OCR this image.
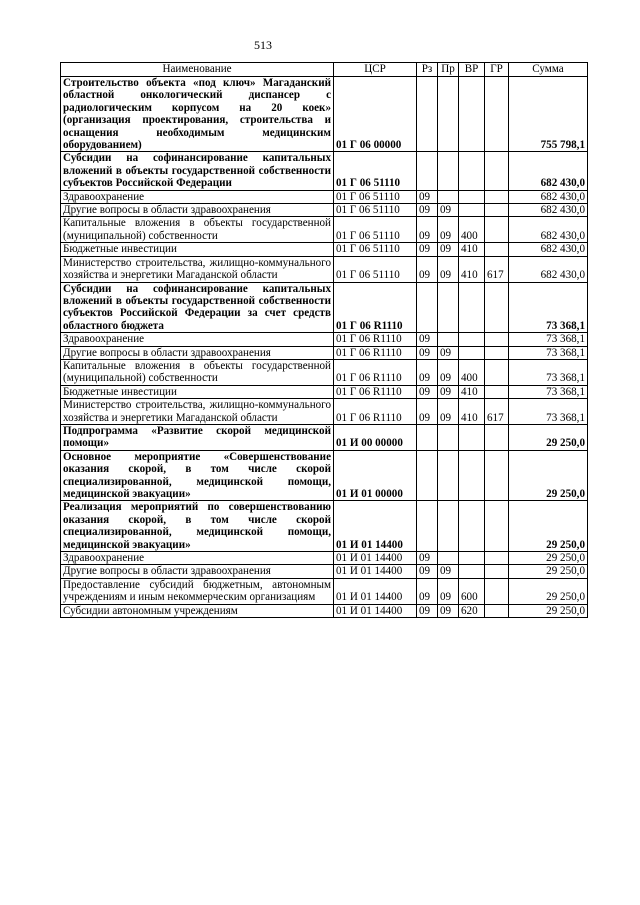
513
Наименование	ЦСР	Рз	Пр	ВР	ГР	Сумма
Строительство объекта «под ключ» Магаданский областной онкологический диспансер с радиологическим корпусом на 20 коек» (организация проектирования, строительства и оснащения необходимым медицинским оборудованием)	01 Г 06 00000					755 798,1
Субсидии на софинансирование капитальных вложений в объекты государственной собственности субъектов Российской Федерации	01 Г 06 51110					682 430,0
Здравоохранение	01 Г 06 51110	09				682 430,0
Другие вопросы в области здравоохранения	01 Г 06 51110	09	09			682 430,0
Капитальные вложения в объекты государственной (муниципальной) собственности	01 Г 06 51110	09	09	400		682 430,0
Бюджетные инвестиции	01 Г 06 51110	09	09	410		682 430,0
Министерство строительства, жилищно-коммунального хозяйства и энергетики Магаданской области	01 Г 06 51110	09	09	410	617	682 430,0
Субсидии на софинансирование капитальных вложений в объекты государственной собственности субъектов Российской Федерации за счет средств областного бюджета	01 Г 06 R1110					73 368,1
Здравоохранение	01 Г 06 R1110	09				73 368,1
Другие вопросы в области здравоохранения	01 Г 06 R1110	09	09			73 368,1
Капитальные вложения в объекты государственной (муниципальной) собственности	01 Г 06 R1110	09	09	400		73 368,1
Бюджетные инвестиции	01 Г 06 R1110	09	09	410		73 368,1
Министерство строительства, жилищно-коммунального хозяйства и энергетики Магаданской области	01 Г 06 R1110	09	09	410	617	73 368,1
Подпрограмма «Развитие скорой медицинской помощи»	01 И 00 00000					29 250,0
Основное мероприятие «Совершенствование оказания скорой, в том числе скорой специализированной, медицинской помощи, медицинской эвакуации»	01 И 01 00000					29 250,0
Реализация мероприятий по совершенствованию оказания скорой, в том числе скорой специализированной, медицинской помощи, медицинской эвакуации»	01 И 01 14400					29 250,0
Здравоохранение	01 И 01 14400	09				29 250,0
Другие вопросы в области здравоохранения	01 И 01 14400	09	09			29 250,0
Предоставление субсидий бюджетным, автономным учреждениям и иным некоммерческим организациям	01 И 01 14400	09	09	600		29 250,0
Субсидии автономным учреждениям	01 И 01 14400	09	09	620		29 250,0
